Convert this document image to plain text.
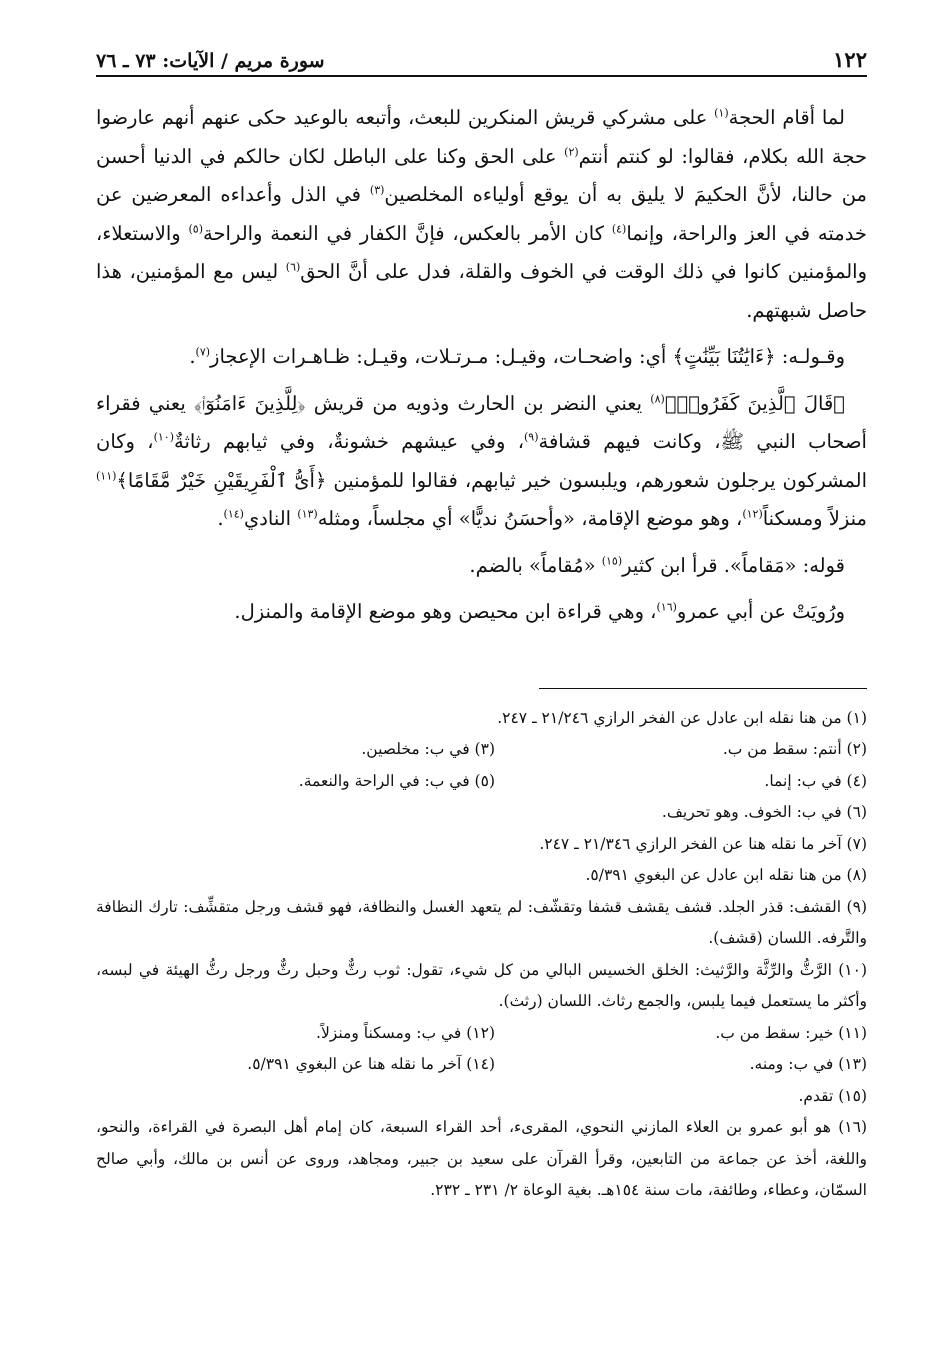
١٢٢
سورة مريم / الآيات: ٧٣ ـ ٧٦

لما أقام الحجة$^{(١)}$ على مشركي قريش المنكرين للبعث، وأتبعه بالوعيد حكى عنهم أنهم عارضوا حجة الله بكلام، فقالوا: لو كنتم أنتم$^{(٢)}$ على الحق وكنا على الباطل لكان حالكم في الدنيا أحسن من حالنا، لأنَّ الحكيمَ لا يليق به أن يوقع أولياءه المخلصين$^{(٣)}$ في الذل وأعداءه المعرضين عن خدمته في العز والراحة، وإنما$^{(٤)}$ كان الأمر بالعكس، فإنَّ الكفار في النعمة والراحة$^{(٥)}$ والاستعلاء، والمؤمنين كانوا في ذلك الوقت في الخوف والقلة، فدل على أنَّ الحق$^{(٦)}$ ليس مع المؤمنين، هذا حاصل شبهتهم.

وقـولـه: ﴿ءَايَٰتُنَا بَيِّنَٰتٍ﴾ أي: واضحـات، وقيـل: مـرتـلات، وقيـل: ظـاهـرات الإعجاز$^{(٧)}$.

﴿قَالَ ٱلَّذِينَ كَفَرُوا۟﴾$^{(٨)}$ يعني النضر بن الحارث وذويه من قريش ﴿لِلَّذِينَ ءَامَنُوٓا۟﴾ يعني فقراء أصحاب النبي ﷺ، وكانت فيهم قشافة$^{(٩)}$، وفي عيشهم خشونةٌ، وفي ثيابهم رثاثةٌ$^{(١٠)}$، وكان المشركون يرجلون شعورهم، ويلبسون خير ثيابهم، فقالوا للمؤمنين ﴿أَىُّ ٱلْفَرِيقَيْنِ خَيْرٌ مَّقَامًا﴾$^{(١١)}$ منزلاً ومسكناً$^{(١٢)}$، وهو موضع الإقامة، «وأحسَنُ نديًّا» أي مجلساً، ومثله$^{(١٣)}$ النادي$^{(١٤)}$.

قوله: «مَقاماً». قرأ ابن كثير$^{(١٥)}$ «مُقاماً» بالضم.

ورُويَتْ عن أبي عمرو$^{(١٦)}$، وهي قراءة ابن محيصن وهو موضع الإقامة والمنزل.

(١) من هنا نقله ابن عادل عن الفخر الرازي ٢١/٢٤٦ ـ ٢٤٧.
(٢) أنتم: سقط من ب.
(٣) في ب: مخلصين.
(٤) في ب: إنما.
(٥) في ب: في الراحة والنعمة.
(٦) في ب: الخوف. وهو تحريف.
(٧) آخر ما نقله هنا عن الفخر الرازي ٢١/٣٤٦ ـ ٢٤٧.
(٨) من هنا نقله ابن عادل عن البغوي ٥/٣٩١.
(٩) القشف: قذر الجلد. قشف يقشف قشفا وتقشّف: لم يتعهد الغسل والنظافة، فهو قشف ورجل متقشِّف: تارك النظافة والتَّرفه. اللسان (قشف).
(١٠) الرَّثُّ والرِّثَّة والرَّثيث: الخلق الخسيس البالي من كل شيء، تقول: ثوب رثٌّ وحبل رثٌّ ورجل رثُّ الهيئة في لبسه، وأكثر ما يستعمل فيما يلبس، والجمع رثاث. اللسان (رثث).
(١١) خير: سقط من ب.
(١٢) في ب: ومسكناً ومنزلاً.
(١٣) في ب: ومنه.
(١٤) آخر ما نقله هنا عن البغوي ٥/٣٩١.
(١٥) تقدم.
(١٦) هو أبو عمرو بن العلاء المازني النحوي، المقرىء، أحد القراء السبعة، كان إمام أهل البصرة في القراءة، والنحو، واللغة، أخذ عن جماعة من التابعين، وقرأ القرآن على سعيد بن جبير، ومجاهد، وروى عن أنس بن مالك، وأبي صالح السمّان، وعطاء، وطائفة، مات سنة ١٥٤هـ. بغية الوعاة ٢/ ٢٣١ ـ ٢٣٢.
